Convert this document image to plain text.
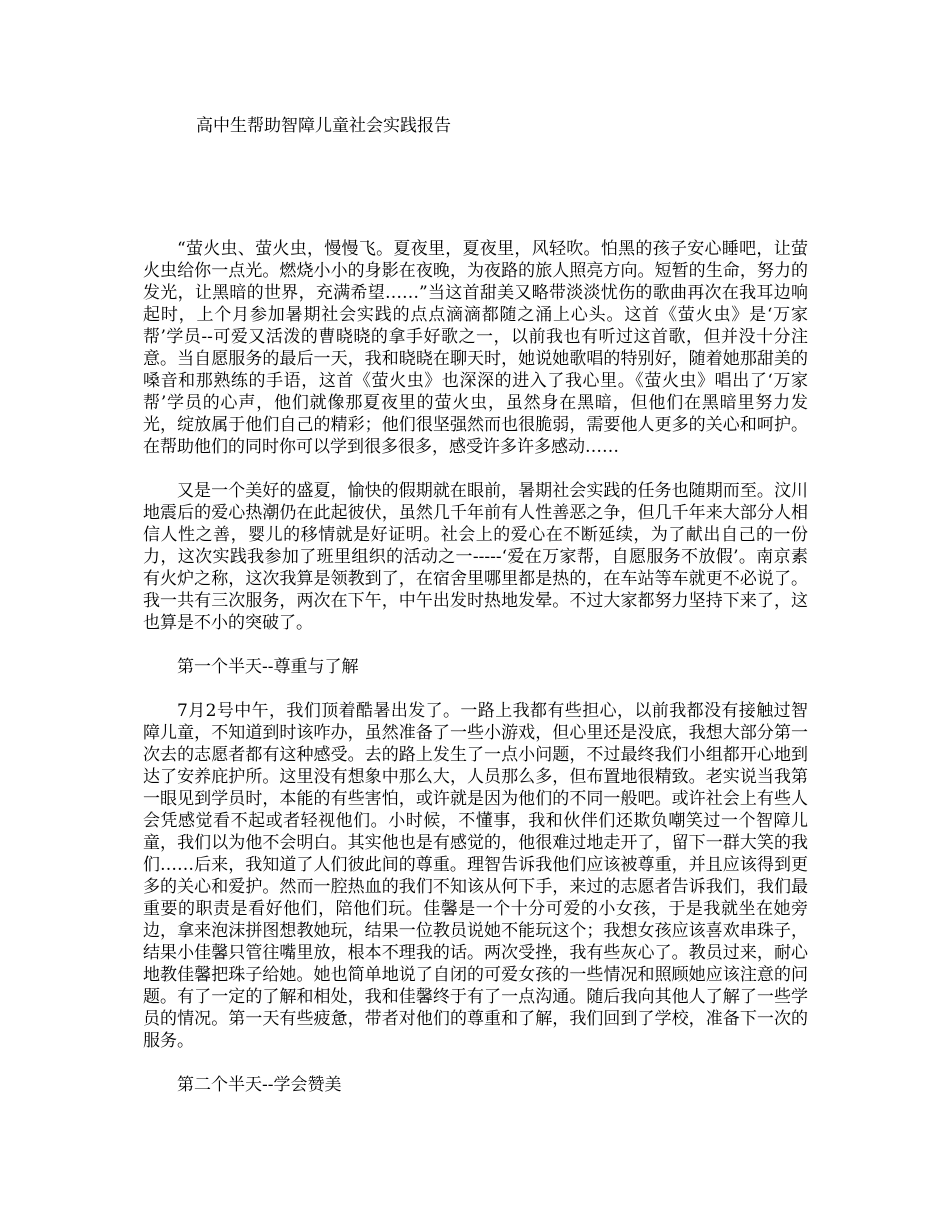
高中生帮助智障儿童社会实践报告

“萤火虫、萤火虫，慢慢飞。夏夜里，夏夜里，风轻吹。怕黑的孩子安心睡吧，让萤火虫给你一点光。燃烧小小的身影在夜晚，为夜路的旅人照亮方向。短暂的生命，努力的发光，让黑暗的世界，充满希望……”当这首甜美又略带淡淡忧伤的歌曲再次在我耳边响起时，上个月参加暑期社会实践的点点滴滴都随之涌上心头。这首《萤火虫》是‘万家帮’学员--可爱又活泼的曹晓晓的拿手好歌之一，以前我也有听过这首歌，但并没十分注意。当自愿服务的最后一天，我和晓晓在聊天时，她说她歌唱的特别好，随着她那甜美的嗓音和那熟练的手语，这首《萤火虫》也深深的进入了我心里。《萤火虫》唱出了‘万家帮’学员的心声，他们就像那夏夜里的萤火虫，虽然身在黑暗，但他们在黑暗里努力发光，绽放属于他们自己的精彩；他们很坚强然而也很脆弱，需要他人更多的关心和呵护。在帮助他们的同时你可以学到很多很多，感受许多许多感动……

又是一个美好的盛夏，愉快的假期就在眼前，暑期社会实践的任务也随期而至。汶川地震后的爱心热潮仍在此起彼伏，虽然几千年前有人性善恶之争，但几千年来大部分人相信人性之善，婴儿的移情就是好证明。社会上的爱心在不断延续，为了献出自己的一份力，这次实践我参加了班里组织的活动之一-----‘爱在万家帮，自愿服务不放假’。南京素有火炉之称，这次我算是领教到了，在宿舍里哪里都是热的，在车站等车就更不必说了。我一共有三次服务，两次在下午，中午出发时热地发晕。不过大家都努力坚持下来了，这也算是不小的突破了。

第一个半天--尊重与了解

7月2号中午，我们顶着酷暑出发了。一路上我都有些担心，以前我都没有接触过智障儿童，不知道到时该咋办，虽然准备了一些小游戏，但心里还是没底，我想大部分第一次去的志愿者都有这种感受。去的路上发生了一点小问题，不过最终我们小组都开心地到达了安养庇护所。这里没有想象中那么大，人员那么多，但布置地很精致。老实说当我第一眼见到学员时，本能的有些害怕，或许就是因为他们的不同一般吧。或许社会上有些人会凭感觉看不起或者轻视他们。小时候，不懂事，我和伙伴们还欺负嘲笑过一个智障儿童，我们以为他不会明白。其实他也是有感觉的，他很难过地走开了，留下一群大笑的我们……后来，我知道了人们彼此间的尊重。理智告诉我他们应该被尊重，并且应该得到更多的关心和爱护。然而一腔热血的我们不知该从何下手，来过的志愿者告诉我们，我们最重要的职责是看好他们，陪他们玩。佳馨是一个十分可爱的小女孩，于是我就坐在她旁边，拿来泡沫拼图想教她玩，结果一位教员说她不能玩这个；我想女孩应该喜欢串珠子，结果小佳馨只管往嘴里放，根本不理我的话。两次受挫，我有些灰心了。教员过来，耐心地教佳馨把珠子给她。她也简单地说了自闭的可爱女孩的一些情况和照顾她应该注意的问题。有了一定的了解和相处，我和佳馨终于有了一点沟通。随后我向其他人了解了一些学员的情况。第一天有些疲惫，带者对他们的尊重和了解，我们回到了学校，准备下一次的服务。

第二个半天--学会赞美
